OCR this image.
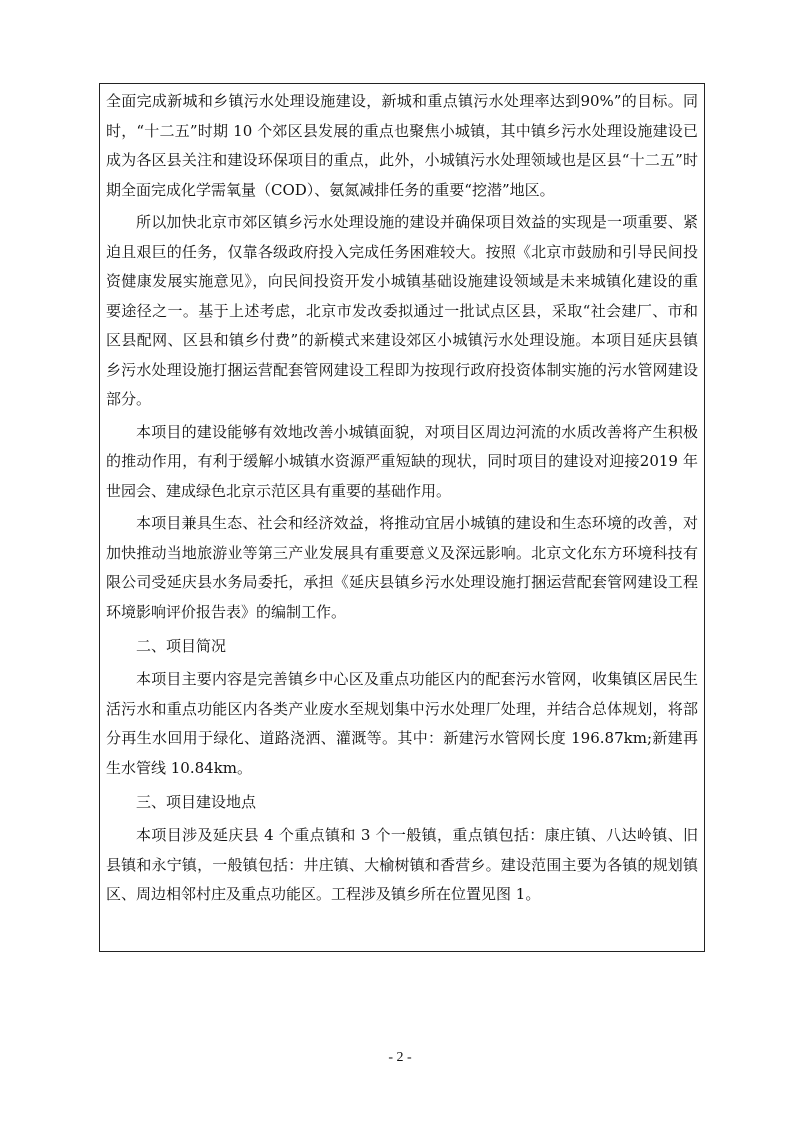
全面完成新城和乡镇污水处理设施建设，新城和重点镇污水处理率达到90%”的目标。同时，“十二五”时期 10 个郊区县发展的重点也聚焦小城镇，其中镇乡污水处理设施建设已成为各区县关注和建设环保项目的重点，此外，小城镇污水处理领域也是区县“十二五”时期全面完成化学需氧量（COD）、氨氮减排任务的重要“挖潜”地区。

所以加快北京市郊区镇乡污水处理设施的建设并确保项目效益的实现是一项重要、紧迫且艰巨的任务，仅靠各级政府投入完成任务困难较大。按照《北京市鼓励和引导民间投资健康发展实施意见》，向民间投资开发小城镇基础设施建设领域是未来城镇化建设的重要途径之一。基于上述考虑，北京市发改委拟通过一批试点区县，采取“社会建厂、市和区县配网、区县和镇乡付费”的新模式来建设郊区小城镇污水处理设施。本项目延庆县镇乡污水处理设施打捆运营配套管网建设工程即为按现行政府投资体制实施的污水管网建设部分。

本项目的建设能够有效地改善小城镇面貌，对项目区周边河流的水质改善将产生积极的推动作用，有利于缓解小城镇水资源严重短缺的现状，同时项目的建设对迎接2019 年世园会、建成绿色北京示范区具有重要的基础作用。

本项目兼具生态、社会和经济效益，将推动宜居小城镇的建设和生态环境的改善，对加快推动当地旅游业等第三产业发展具有重要意义及深远影响。北京文化东方环境科技有限公司受延庆县水务局委托，承担《延庆县镇乡污水处理设施打捆运营配套管网建设工程环境影响评价报告表》的编制工作。

二、项目简况

本项目主要内容是完善镇乡中心区及重点功能区内的配套污水管网，收集镇区居民生活污水和重点功能区内各类产业废水至规划集中污水处理厂处理，并结合总体规划，将部分再生水回用于绿化、道路浇洒、灌溉等。其中：新建污水管网长度 196.87km;新建再生水管线 10.84km。

三、项目建设地点

本项目涉及延庆县 4 个重点镇和 3 个一般镇，重点镇包括：康庄镇、八达岭镇、旧县镇和永宁镇，一般镇包括：井庄镇、大榆树镇和香营乡。建设范围主要为各镇的规划镇区、周边相邻村庄及重点功能区。工程涉及镇乡所在位置见图 1。

- 2 -
